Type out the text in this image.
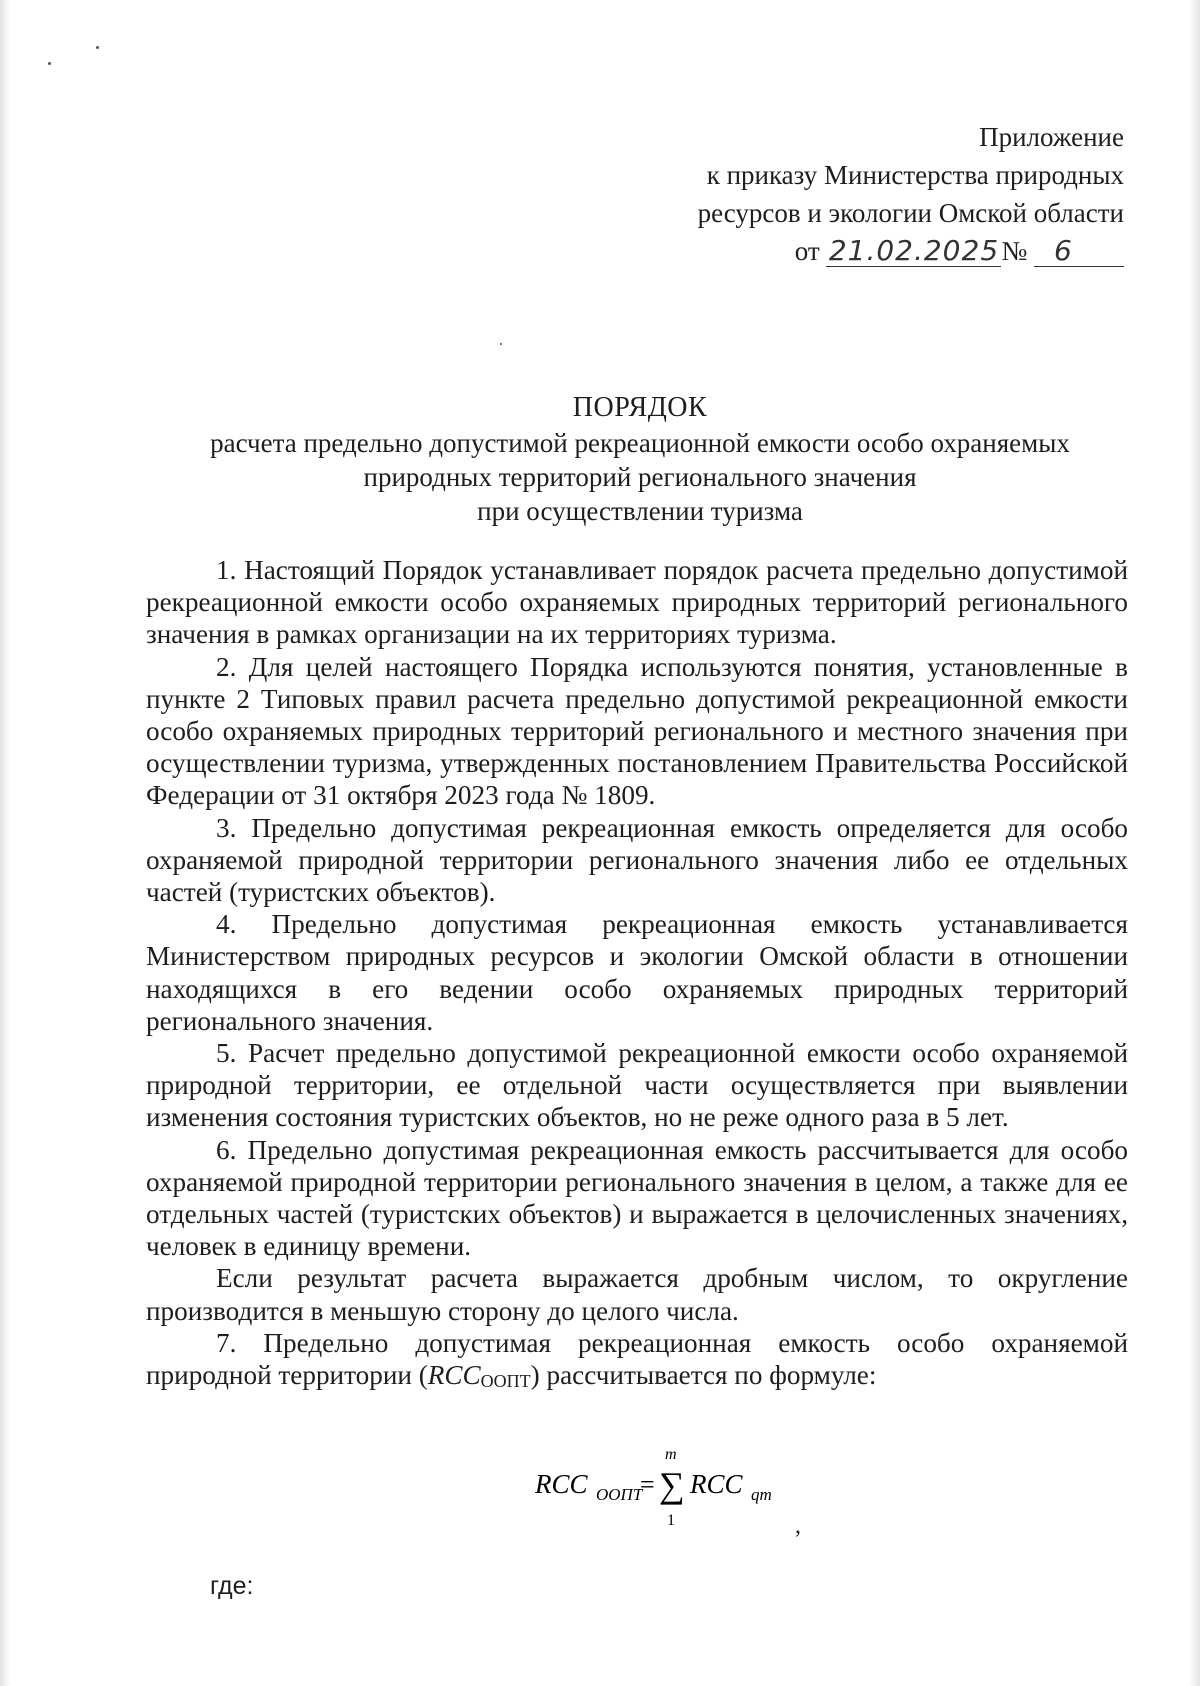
Приложение
к приказу Министерства природных
ресурсов и экологии Омской области
от 21.02.2025№ 6
ПОРЯДОК
расчета предельно допустимой рекреационной емкости особо охраняемых
природных территорий регионального значения
при осуществлении туризма

1. Настоящий Порядок устанавливает порядок расчета предельно допустимой рекреационной емкости особо охраняемых природных территорий регионального значения в рамках организации на их территориях туризма.

2. Для целей настоящего Порядка используются понятия, установленные в пункте 2 Типовых правил расчета предельно допустимой рекреационной емкости особо охраняемых природных территорий регионального и местного значения при осуществлении туризма, утвержденных постановлением Правительства Российской Федерации от 31 октября 2023 года № 1809.

3. Предельно допустимая рекреационная емкость определяется для особо охраняемой природной территории регионального значения либо ее отдельных частей (туристских объектов).

4. Предельно допустимая рекреационная емкость устанавливается Министерством природных ресурсов и экологии Омской области в отношении находящихся в его ведении особо охраняемых природных территорий регионального значения.

5. Расчет предельно допустимой рекреационной емкости особо охраняемой природной территории, ее отдельной части осуществляется при выявлении изменения состояния туристских объектов, но не реже одного раза в 5 лет.

6. Предельно допустимая рекреационная емкость рассчитывается для особо охраняемой природной территории регионального значения в целом, а также для ее отдельных частей (туристских объектов) и выражается в целочисленных значениях, человек в единицу времени.

Если результат расчета выражается дробным числом, то округление производится в меньшую сторону до целого числа.

7. Предельно допустимая рекреационная емкость особо охраняемой природной территории $(RCC_{ООПТ})$ рассчитывается по формуле:

RCC ООПТ
=
m
∑
1
RCC qm
,
где:
